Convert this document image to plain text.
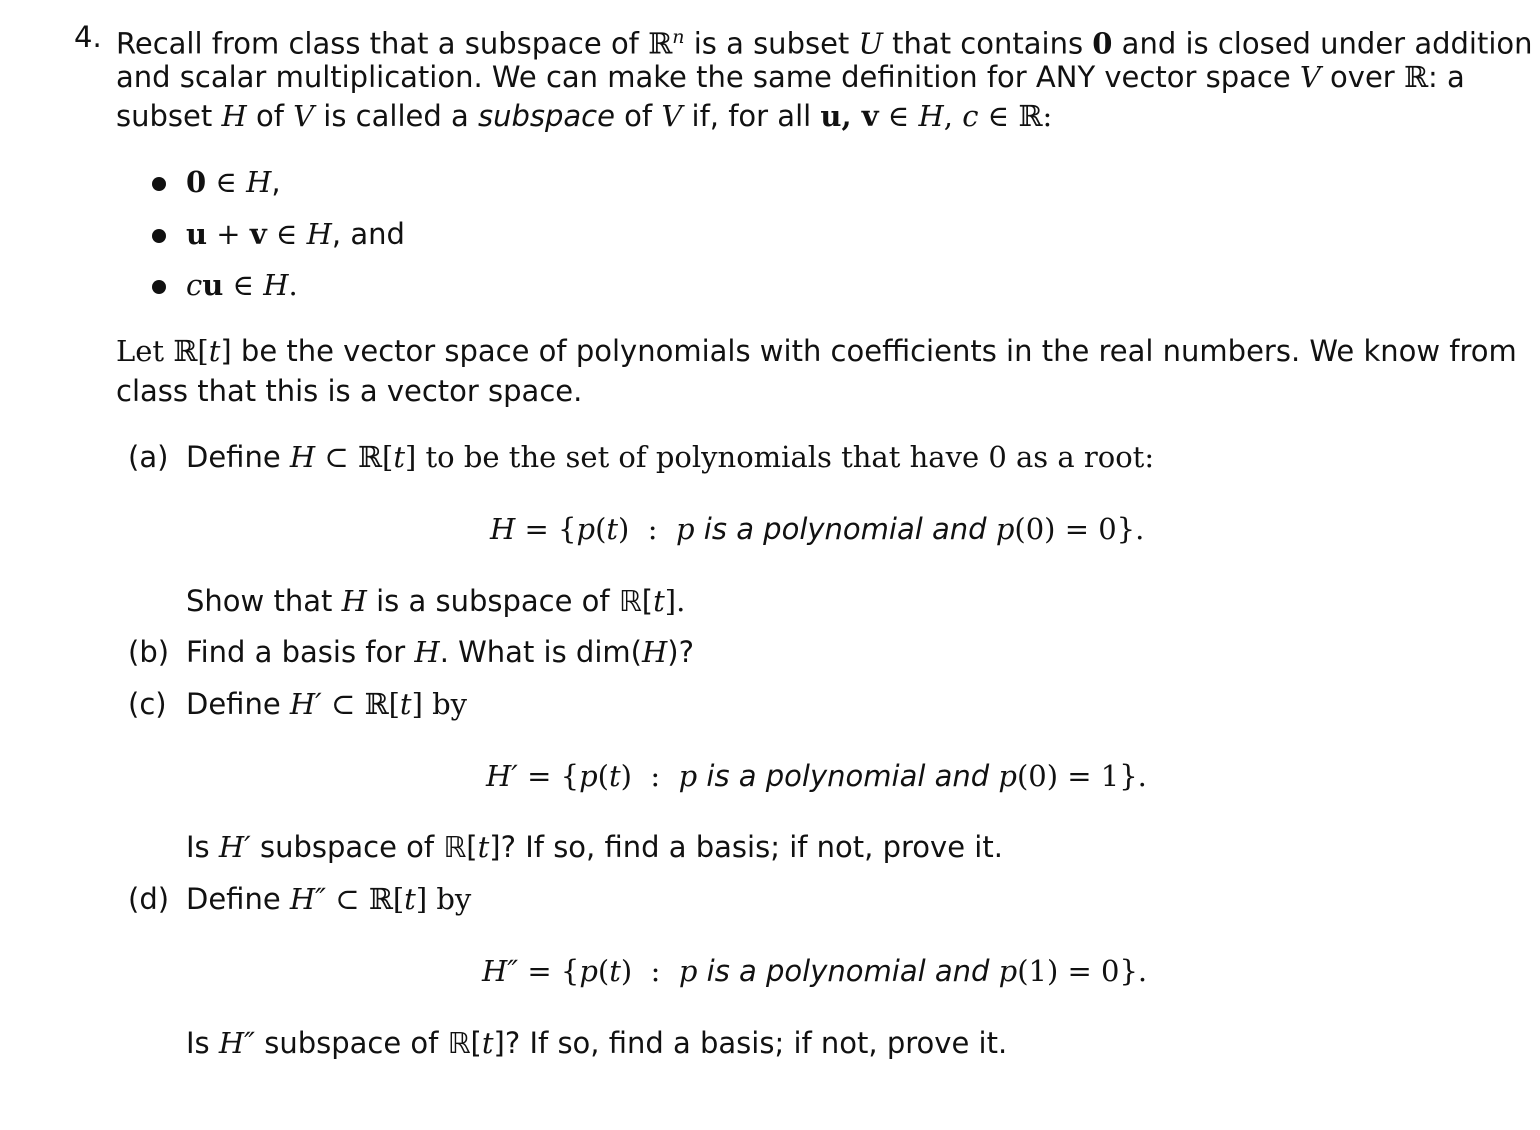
4. Recall from class that a subspace of ℝ$^n$ is a subset U that contains 0 and is closed under addition
and scalar multiplication. We can make the same definition for ANY vector space V over ℝ: a
subset H of V is called a subspace of V if, for all u, v ∈ H, c ∈ ℝ:
0 ∈ H,
u + v ∈ H, and
cu ∈ H.
Let ℝ[t] be the vector space of polynomials with coefficients in the real numbers. We know from
class that this is a vector space.
(a) Define H ⊂ ℝ[t] to be the set of polynomials that have 0 as a root:
H = {p(t)  :  p is a polynomial and p(0) = 0}.
Show that H is a subspace of ℝ[t].
(b) Find a basis for H. What is dim(H)?
(c) Define H′ ⊂ ℝ[t] by
H′ = {p(t)  :  p is a polynomial and p(0) = 1}.
Is H′ subspace of ℝ[t]? If so, find a basis; if not, prove it.
(d) Define H″ ⊂ ℝ[t] by
H″ = {p(t)  :  p is a polynomial and p(1) = 0}.
Is H″ subspace of ℝ[t]? If so, find a basis; if not, prove it.
